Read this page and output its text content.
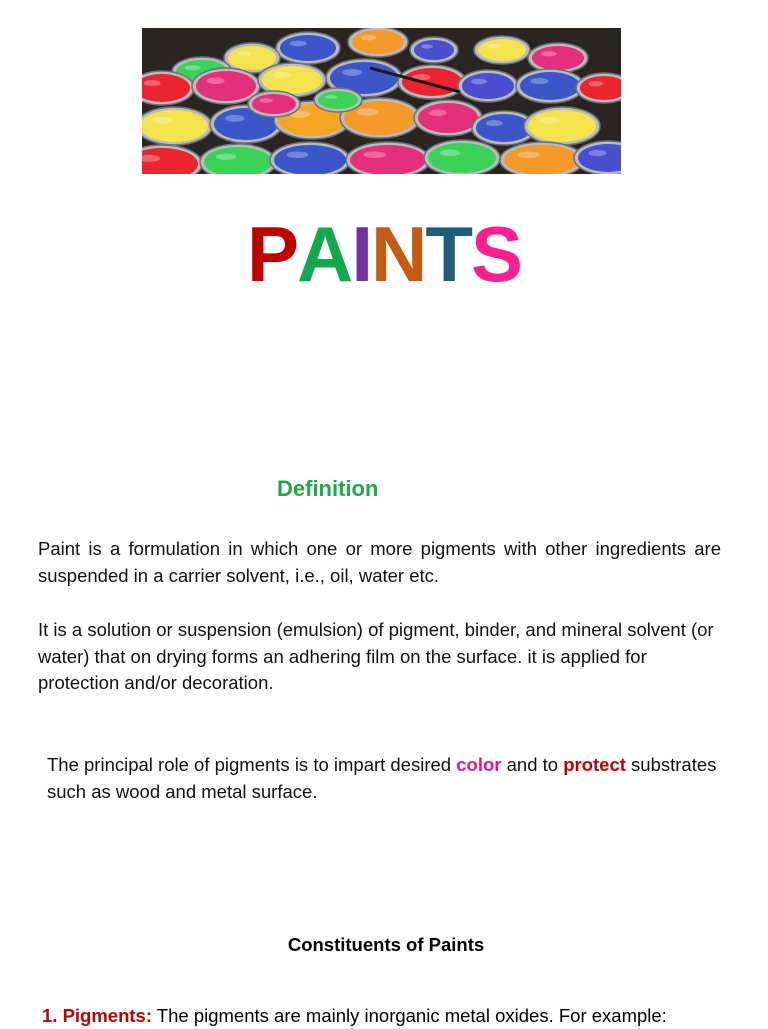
PAINTS
Definition
Paint is a formulation in which one or more pigments with other ingredients are suspended in a carrier solvent, i.e., oil, water etc.
It is a solution or suspension (emulsion) of pigment, binder, and mineral solvent (or water) that on drying forms an adhering film on the surface. it is applied for protection and/or decoration.
The principal role of pigments is to impart desired color and to protect substrates such as wood and metal surface.
Constituents of Paints
1. Pigments: The pigments are mainly inorganic metal oxides. For example:
